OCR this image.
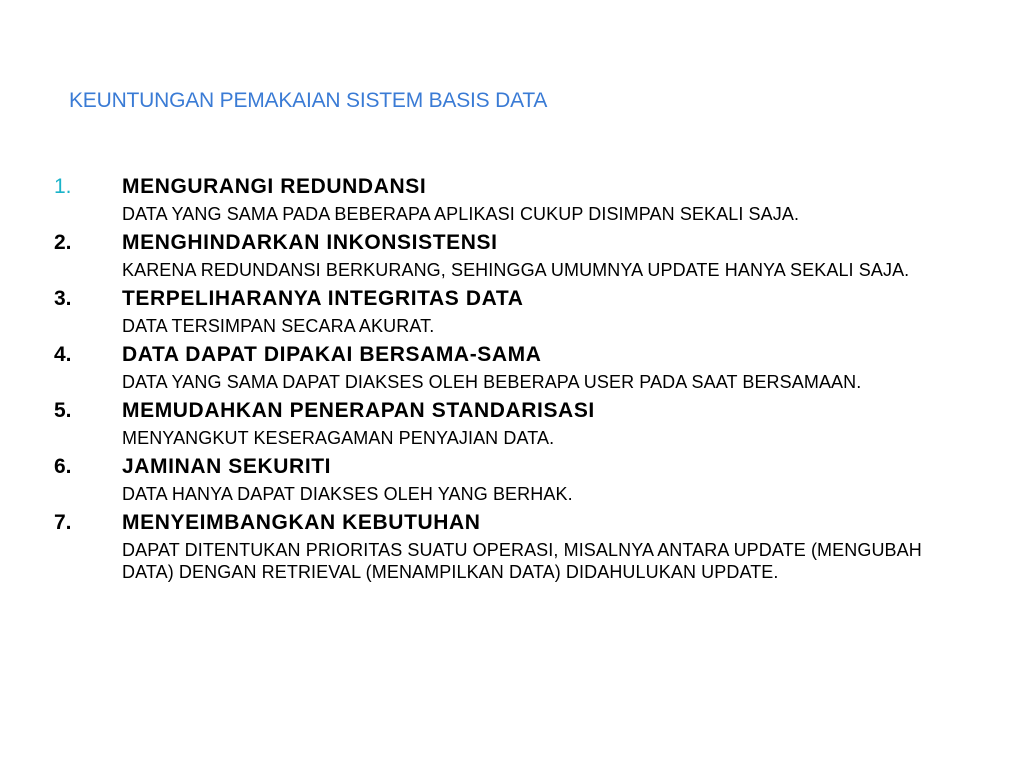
KEUNTUNGAN PEMAKAIAN SISTEM BASIS DATA
1. MENGURANGI REDUNDANSI
DATA YANG SAMA PADA BEBERAPA APLIKASI CUKUP DISIMPAN SEKALI SAJA.
2. MENGHINDARKAN INKONSISTENSI
KARENA REDUNDANSI BERKURANG, SEHINGGA UMUMNYA UPDATE HANYA SEKALI SAJA.
3. TERPELIHARANYA INTEGRITAS DATA
DATA TERSIMPAN SECARA AKURAT.
4. DATA DAPAT DIPAKAI BERSAMA-SAMA
DATA YANG SAMA DAPAT DIAKSES OLEH BEBERAPA USER PADA SAAT BERSAMAAN.
5. MEMUDAHKAN PENERAPAN STANDARISASI
MENYANGKUT KESERAGAMAN PENYAJIAN DATA.
6. JAMINAN SEKURITI
DATA HANYA DAPAT DIAKSES OLEH YANG BERHAK.
7. MENYEIMBANGKAN KEBUTUHAN
DAPAT DITENTUKAN PRIORITAS SUATU OPERASI, MISALNYA ANTARA UPDATE (MENGUBAH DATA) DENGAN RETRIEVAL (MENAMPILKAN DATA) DIDAHULUKAN UPDATE.
